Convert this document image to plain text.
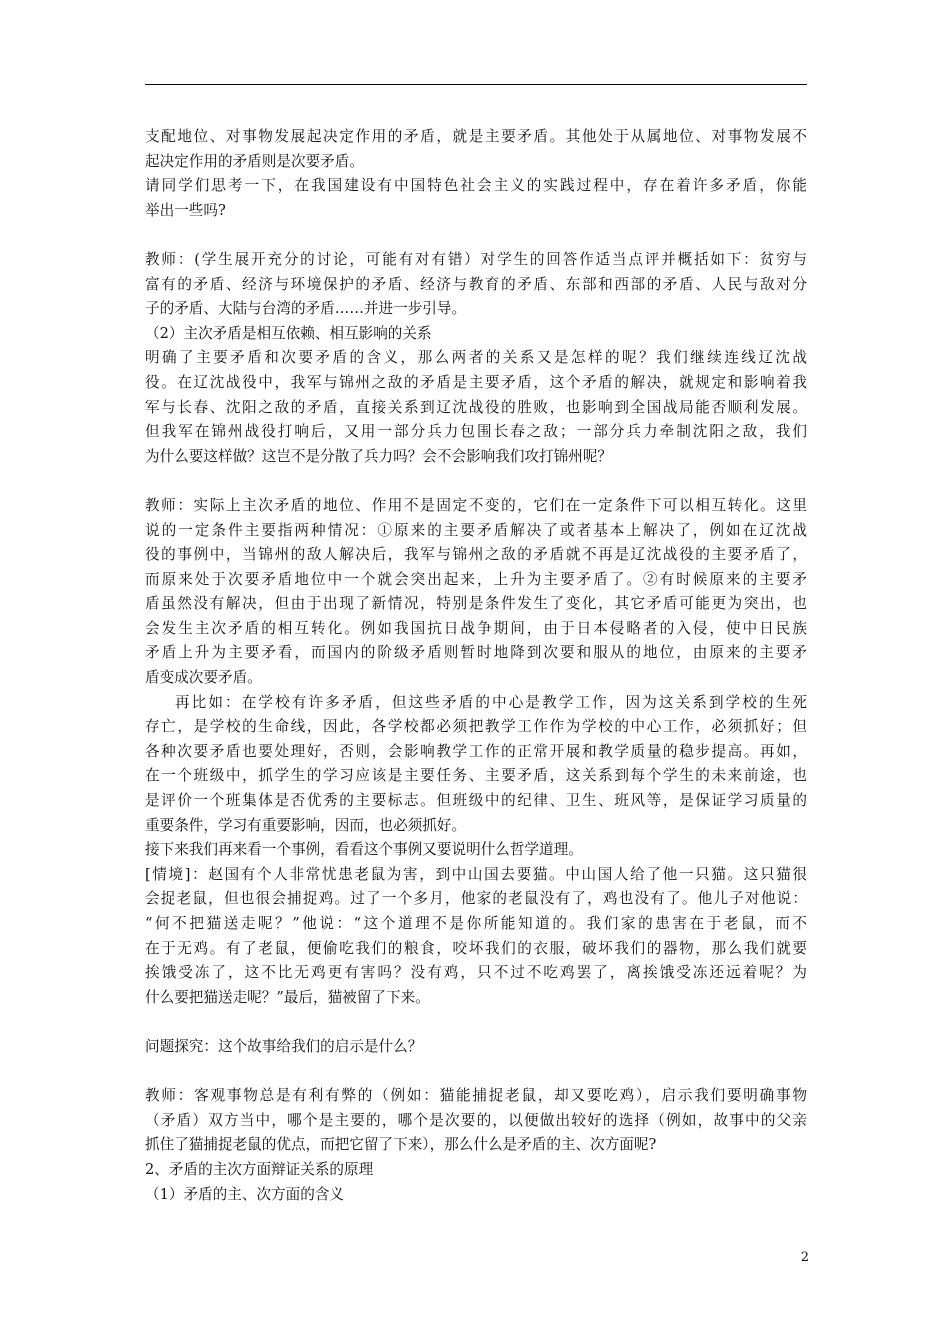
支配地位、对事物发展起决定作用的矛盾，就是主要矛盾。其他处于从属地位、对事物发展不
起决定作用的矛盾则是次要矛盾。
请同学们思考一下，在我国建设有中国特色社会主义的实践过程中，存在着许多矛盾，你能
举出一些吗?
教师：(学生展开充分的讨论，可能有对有错）对学生的回答作适当点评并概括如下：贫穷与
富有的矛盾、经济与环境保护的矛盾、经济与教育的矛盾、东部和西部的矛盾、人民与敌对分
子的矛盾、大陆与台湾的矛盾……并进一步引导。
（2）主次矛盾是相互依赖、相互影响的关系
明确了主要矛盾和次要矛盾的含义，那么两者的关系又是怎样的呢？我们继续连线辽沈战
役。在辽沈战役中，我军与锦州之敌的矛盾是主要矛盾，这个矛盾的解决，就规定和影响着我
军与长春、沈阳之敌的矛盾，直接关系到辽沈战役的胜败，也影响到全国战局能否顺利发展。
但我军在锦州战役打响后，又用一部分兵力包围长春之敌；一部分兵力牵制沈阳之敌，我们
为什么要这样做？这岂不是分散了兵力吗？会不会影响我们攻打锦州呢？
教师：实际上主次矛盾的地位、作用不是固定不变的，它们在一定条件下可以相互转化。这里
说的一定条件主要指两种情况：①原来的主要矛盾解决了或者基本上解决了，例如在辽沈战
役的事例中，当锦州的敌人解决后，我军与锦州之敌的矛盾就不再是辽沈战役的主要矛盾了，
而原来处于次要矛盾地位中一个就会突出起来，上升为主要矛盾了。②有时候原来的主要矛
盾虽然没有解决，但由于出现了新情况，特别是条件发生了变化，其它矛盾可能更为突出，也
会发生主次矛盾的相互转化。例如我国抗日战争期间，由于日本侵略者的入侵，使中日民族
矛盾上升为主要矛看，而国内的阶级矛盾则暂时地降到次要和服从的地位，由原来的主要矛
盾变成次要矛盾。
再比如：在学校有许多矛盾，但这些矛盾的中心是教学工作，因为这关系到学校的生死
存亡，是学校的生命线，因此，各学校都必须把教学工作作为学校的中心工作，必须抓好；但
各种次要矛盾也要处理好，否则，会影响教学工作的正常开展和教学质量的稳步提高。再如，
在一个班级中，抓学生的学习应该是主要任务、主要矛盾，这关系到每个学生的未来前途，也
是评价一个班集体是否优秀的主要标志。但班级中的纪律、卫生、班风等，是保证学习质量的
重要条件，学习有重要影响，因而，也必须抓好。
接下来我们再来看一个事例，看看这个事例又要说明什么哲学道理。
[情境]：赵国有个人非常忧患老鼠为害，到中山国去要猫。中山国人给了他一只猫。这只猫很
会捉老鼠，但也很会捕捉鸡。过了一个多月，他家的老鼠没有了，鸡也没有了。他儿子对他说：
“何不把猫送走呢？”他说：“这个道理不是你所能知道的。我们家的患害在于老鼠，而不
在于无鸡。有了老鼠，便偷吃我们的粮食，咬坏我们的衣服，破坏我们的器物，那么我们就要
挨饿受冻了，这不比无鸡更有害吗？没有鸡，只不过不吃鸡罢了，离挨饿受冻还远着呢？为
什么要把猫送走呢？”最后，猫被留了下来。
问题探究：这个故事给我们的启示是什么？
教师：客观事物总是有利有弊的（例如：猫能捕捉老鼠，却又要吃鸡），启示我们要明确事物
（矛盾）双方当中，哪个是主要的，哪个是次要的，以便做出较好的选择（例如，故事中的父亲
抓住了猫捕捉老鼠的优点，而把它留了下来），那么什么是矛盾的主、次方面呢?
2、矛盾的主次方面辩证关系的原理
（1）矛盾的主、次方面的含义
2
